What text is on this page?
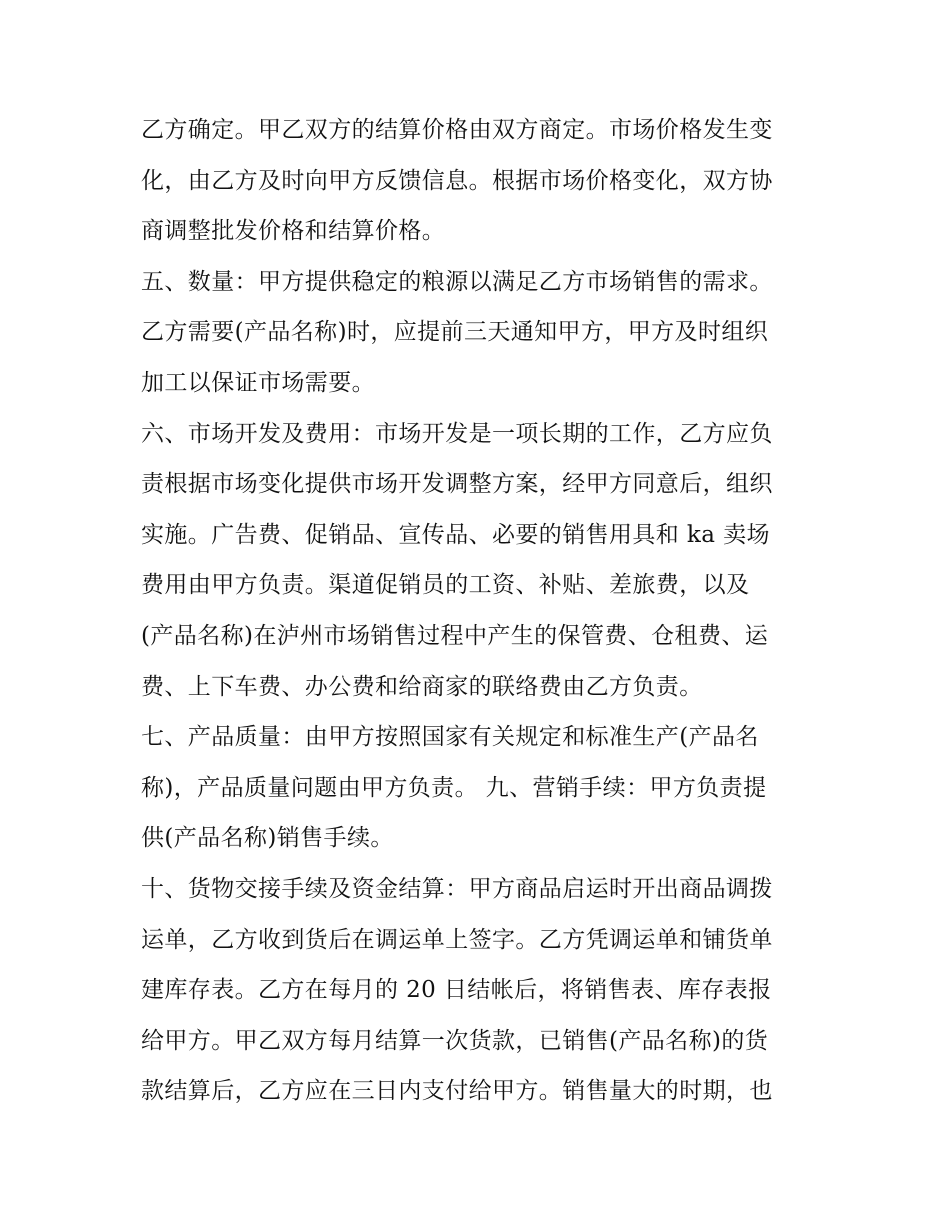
乙方确定。甲乙双方的结算价格由双方商定。市场价格发生变
化，由乙方及时向甲方反馈信息。根据市场价格变化，双方协
商调整批发价格和结算价格。
五、数量：甲方提供稳定的粮源以满足乙方市场销售的需求。
乙方需要(产品名称)时，应提前三天通知甲方，甲方及时组织
加工以保证市场需要。
六、市场开发及费用：市场开发是一项长期的工作，乙方应负
责根据市场变化提供市场开发调整方案，经甲方同意后，组织
实施。广告费、促销品、宣传品、必要的销售用具和 ka 卖场
费用由甲方负责。渠道促销员的工资、补贴、差旅费，以及
(产品名称)在泸州市场销售过程中产生的保管费、仓租费、运
费、上下车费、办公费和给商家的联络费由乙方负责。
七、产品质量：由甲方按照国家有关规定和标准生产(产品名
称)，产品质量问题由甲方负责。 九、营销手续：甲方负责提
供(产品名称)销售手续。
十、货物交接手续及资金结算：甲方商品启运时开出商品调拨
运单，乙方收到货后在调运单上签字。乙方凭调运单和铺货单
建库存表。乙方在每月的 20 日结帐后，将销售表、库存表报
给甲方。甲乙双方每月结算一次货款，已销售(产品名称)的货
款结算后，乙方应在三日内支付给甲方。销售量大的时期，也
